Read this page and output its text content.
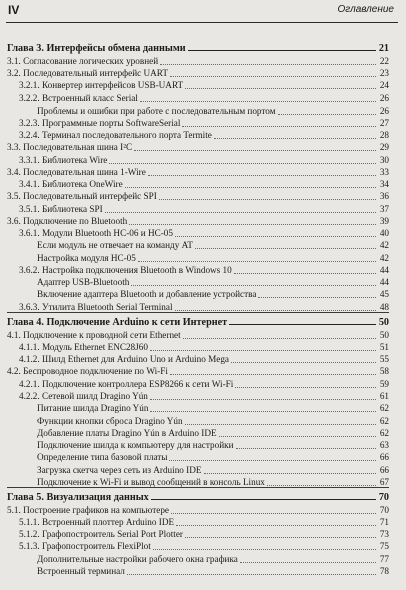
IV	Оглавление
Глава 3. Интерфейсы обмена данными	21
3.1. Согласование логических уровней	22
3.2. Последовательный интерфейс UART	23
3.2.1. Конвертер интерфейсов USB-UART	24
3.2.2. Встроенный класс Serial	26
Проблемы и ошибки при работе с последовательным портом	26
3.2.3. Программные порты SoftwareSerial	27
3.2.4. Терминал последовательного порта Termite	28
3.3. Последовательная шина I²C	29
3.3.1. Библиотека Wire	30
3.4. Последовательная шина 1-Wire	33
3.4.1. Библиотека OneWire	34
3.5. Последовательный интерфейс SPI	36
3.5.1. Библиотека SPI	37
3.6. Подключение по Bluetooth	39
3.6.1. Модули Bluetooth HC-06 и HC-05	40
Если модуль не отвечает на команду AT	42
Настройка модуля HC-05	42
3.6.2. Настройка подключения Bluetooth в Windows 10	44
Адаптер USB-Bluetooth	44
Включение адаптера Bluetooth и добавление устройства	45
3.6.3. Утилита Bluetooth Serial Terminal	48
Глава 4. Подключение Arduino к сети Интернет	50
4.1. Подключение к проводной сети Ethernet	50
4.1.1. Модуль Ethernet ENC28J60	51
4.1.2. Шилд Ethernet для Arduino Uno и Arduino Mega	55
4.2. Беспроводное подключение по Wi-Fi	58
4.2.1. Подключение контроллера ESP8266 к сети Wi-Fi	59
4.2.2. Сетевой шилд Dragino Yún	61
Питание шилда Dragino Yún	62
Функции кнопки сброса Dragino Yún	62
Добавление платы Dragino Yún в Arduino IDE	62
Подключение шилда к компьютеру для настройки	63
Определение типа базовой платы	66
Загрузка скетча через сеть из Arduino IDE	66
Подключение к Wi-Fi и вывод сообщений в консоль Linux	67
Глава 5. Визуализация данных	70
5.1. Построение графиков на компьютере	70
5.1.1. Встроенный плоттер Arduino IDE	71
5.1.2. Графопостроитель Serial Port Plotter	73
5.1.3. Графопостроитель FlexiPlot	75
Дополнительные настройки рабочего окна графика	77
Встроенный терминал	78
